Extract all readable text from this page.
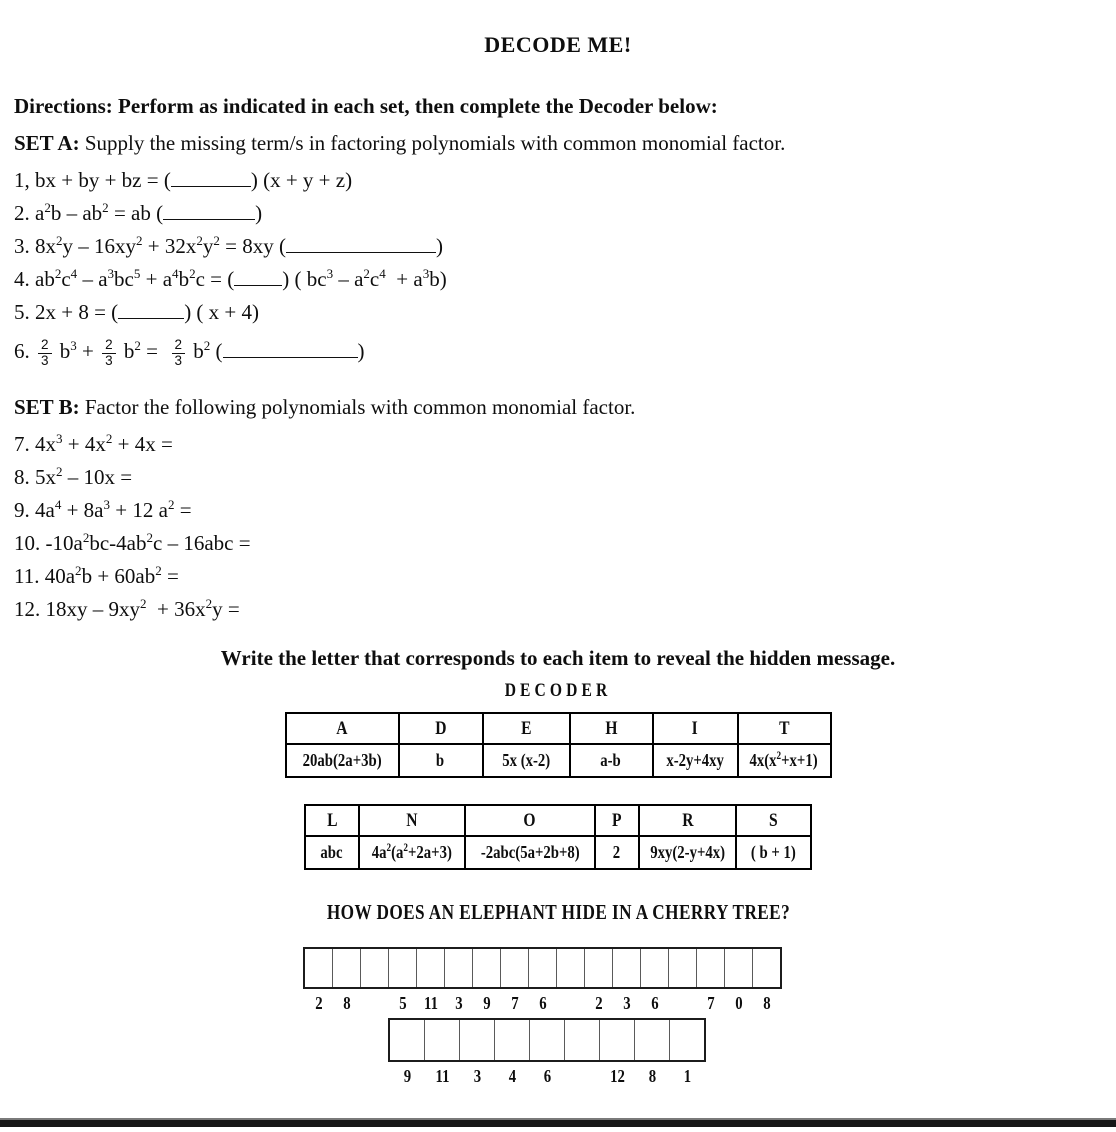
DECODE ME!

Directions: Perform as indicated in each set, then complete the Decoder below:

SET A: Supply the missing term/s in factoring polynomials with common monomial factor.

1, bx + by + bz = (	) (x + y + z)
2. $a^2b - ab^2$ = ab (	)
3. $8x^2y - 16xy^2 + 32x^2y^2 = 8xy$ (	)
4. $ab^2c^4 - a^3bc^5 + a^4b^2c$ = ( ) ( $bc^3 - a^2c^4 + a^3b$)
5. 2x + 8 = (	) ( x + 4)
6. $\frac{2}{3} b^3 + \frac{2}{3} b^2 = \frac{2}{3} b^2$ (	)

SET B: Factor the following polynomials with common monomial factor.

7. $4x^3 + 4x^2 + 4x$ =
8. $5x^2 - 10x$ =
9. $4a^4 + 8a^3 + 12$ $a^2$ =
10. $-10a^2bc-4ab^2c - 16abc$ =
11. $40a^2b + 60ab^2$ =
12. $18xy - 9xy^2 + 36x^2y$ =

Write the letter that corresponds to each item to reveal the hidden message.

DECODER
A	D	E	H	I	T
20ab(2a+3b)	b	5x (x-2)	a-b	x-2y+4xy	$4x(x^2+x+1)$
L	N	O	P	R	S
abc	$4a^2(a^2+2a+3)$	-2abc(5a+2b+8)	2	9xy(2-y+4x)	( b + 1)
HOW DOES AN ELEPHANT HIDE IN A CHERRY TREE?
2	8	5 11 3	9	7	6	2	3	6	7	0	8
9	11	3	4	6	12	8	1
